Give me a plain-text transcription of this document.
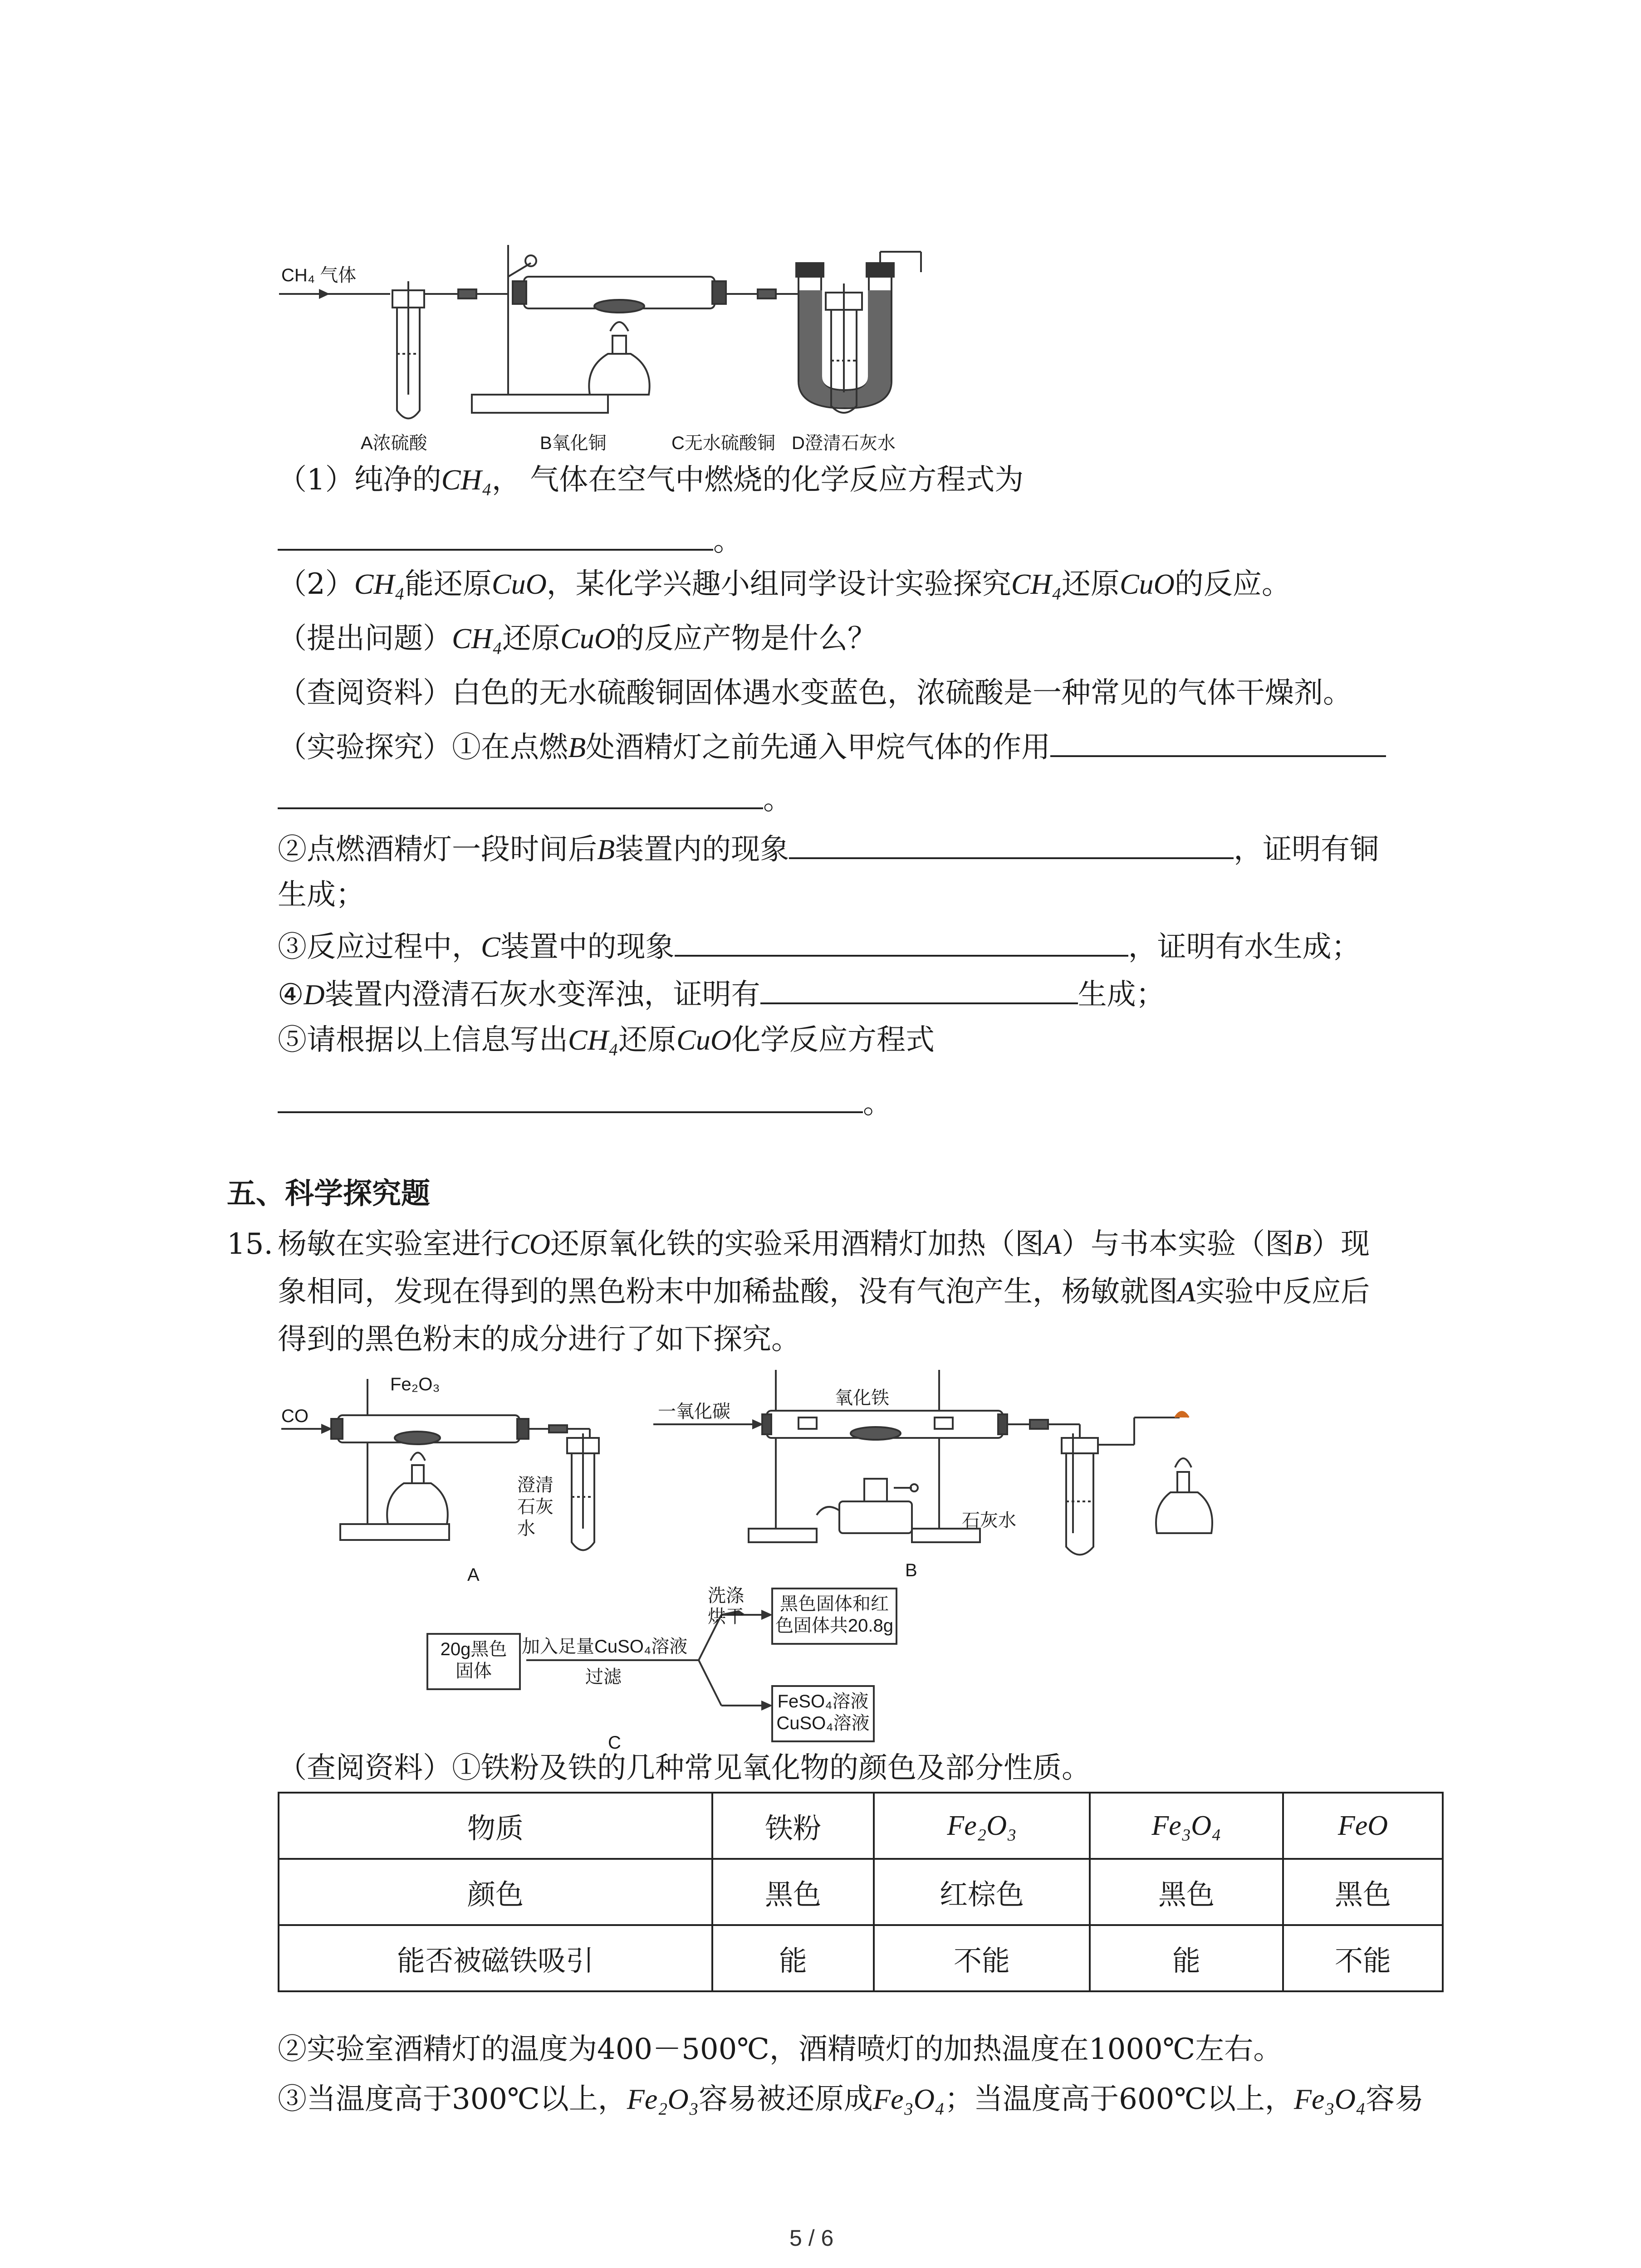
CH₄ 气体
A浓硫酸	B氧化铜	C无水硫酸铜 D澄清石灰水
（1）纯净的CH₄， 气体在空气中燃烧的化学反应方程式为
。
（2）CH₄能还原CuO，某化学兴趣小组同学设计实验探究CH₄还原CuO的反应。
（提出问题）CH₄还原CuO的反应产物是什么？
（查阅资料）白色的无水硫酸铜固体遇水变蓝色，浓硫酸是一种常见的气体干燥剂。
（实验探究）①在点燃B处酒精灯之前先通入甲烷气体的作用
。
②点燃酒精灯一段时间后B装置内的现象	，证明有铜
生成；
③反应过程中，C装置中的现象	，证明有水生成；
④D装置内澄清石灰水变浑浊，证明有	生成；
⑤请根据以上信息写出CH₄还原CuO化学反应方程式
。
五、科学探究题
15. 杨敏在实验室进行CO还原氧化铁的实验采用酒精灯加热（图A）与书本实验（图B）现
象相同，发现在得到的黑色粉末中加稀盐酸，没有气泡产生，杨敏就图A实验中反应后
得到的黑色粉末的成分进行了如下探究。
CO
Fe₂O₃
澄清
石灰
水
A
一氧化碳
氧化铁
石灰水
B
20g黑色
固体
加入足量CuSO₄溶液
过滤
洗涤
烘干
黑色固体和红
色固体共20.8g
FeSO₄溶液
CuSO₄溶液
C
（查阅资料）①铁粉及铁的几种常见氧化物的颜色及部分性质。
物质	铁粉	Fe₂O₃	Fe₃O₄	FeO
颜色	黑色	红棕色	黑色	黑色
能否被磁铁吸引	能	不能	能	不能
②实验室酒精灯的温度为400－500℃，酒精喷灯的加热温度在1000℃左右。
③当温度高于300℃以上，Fe₂O₃容易被还原成Fe₃O₄；当温度高于600℃以上，Fe₃O₄容易
5 / 6
